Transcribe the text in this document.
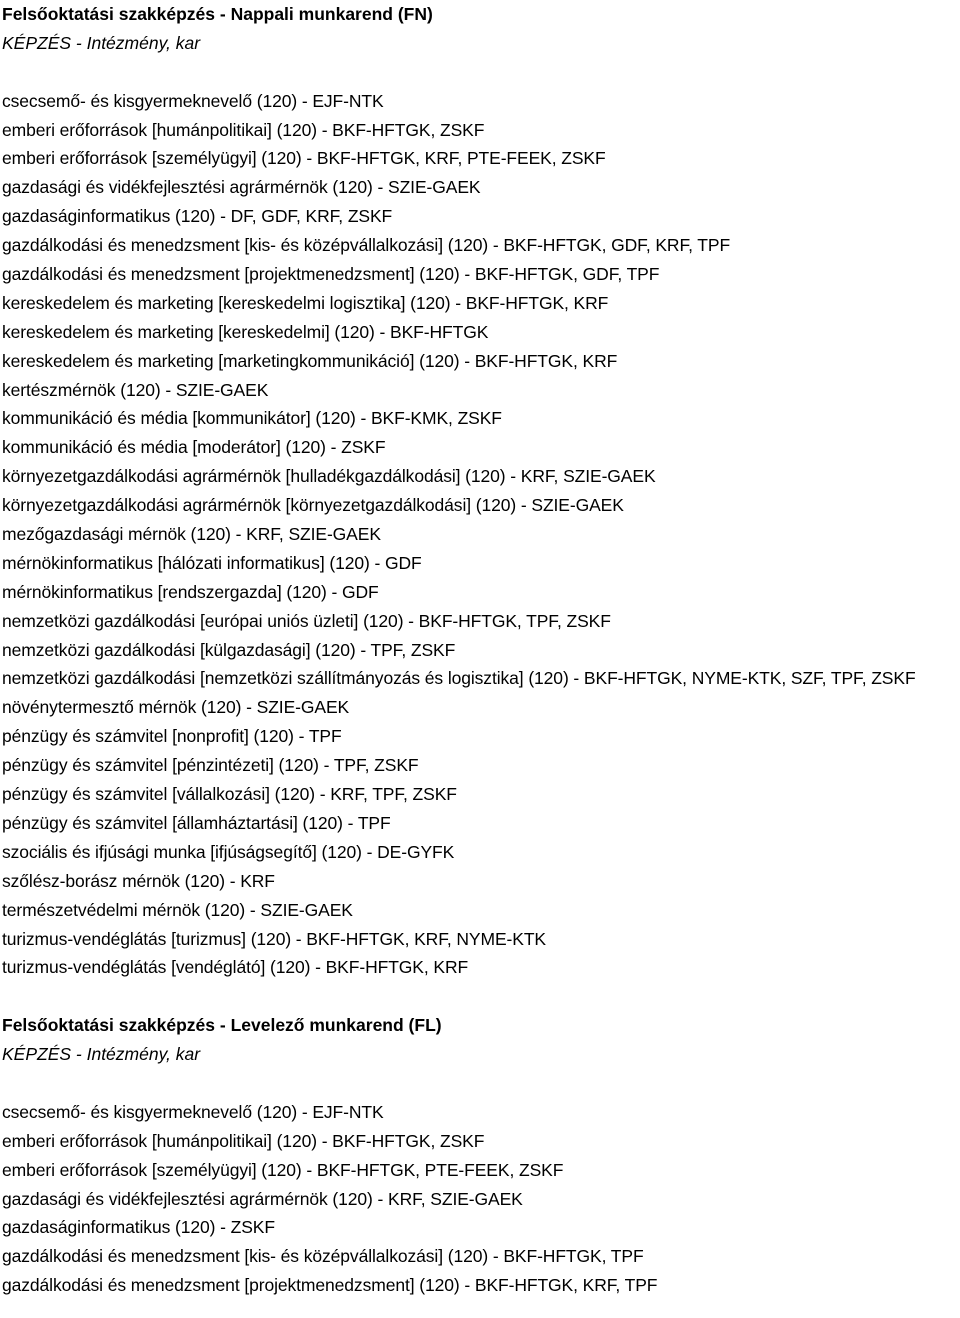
Felsőoktatási szakképzés - Nappali munkarend (FN)
KÉPZÉS - Intézmény, kar
csecsemő- és kisgyermeknevelő (120) - EJF-NTK
emberi erőforrások [humánpolitikai] (120) - BKF-HFTGK, ZSKF
emberi erőforrások [személyügyi] (120) - BKF-HFTGK, KRF, PTE-FEEK, ZSKF
gazdasági és vidékfejlesztési agrármérnök (120) - SZIE-GAEK
gazdaságinformatikus (120) - DF, GDF, KRF, ZSKF
gazdálkodási és menedzsment [kis- és középvállalkozási] (120) - BKF-HFTGK, GDF, KRF, TPF
gazdálkodási és menedzsment [projektmenedzsment] (120) - BKF-HFTGK, GDF, TPF
kereskedelem és marketing [kereskedelmi logisztika] (120) - BKF-HFTGK, KRF
kereskedelem és marketing [kereskedelmi] (120) - BKF-HFTGK
kereskedelem és marketing [marketingkommunikáció] (120) - BKF-HFTGK, KRF
kertészmérnök (120) - SZIE-GAEK
kommunikáció és média [kommunikátor] (120) - BKF-KMK, ZSKF
kommunikáció és média [moderátor] (120) - ZSKF
környezetgazdálkodási agrármérnök [hulladékgazdálkodási] (120) - KRF, SZIE-GAEK
környezetgazdálkodási agrármérnök [környezetgazdálkodási] (120) - SZIE-GAEK
mezőgazdasági mérnök (120) - KRF, SZIE-GAEK
mérnökinformatikus [hálózati informatikus] (120) - GDF
mérnökinformatikus [rendszergazda] (120) - GDF
nemzetközi gazdálkodási [európai uniós üzleti] (120) - BKF-HFTGK, TPF, ZSKF
nemzetközi gazdálkodási [külgazdasági] (120) - TPF, ZSKF
nemzetközi gazdálkodási [nemzetközi szállítmányozás és logisztika] (120) - BKF-HFTGK, NYME-KTK, SZF, TPF, ZSKF
növénytermesztő mérnök (120) - SZIE-GAEK
pénzügy és számvitel [nonprofit] (120) - TPF
pénzügy és számvitel [pénzintézeti] (120) - TPF, ZSKF
pénzügy és számvitel [vállalkozási] (120) - KRF, TPF, ZSKF
pénzügy és számvitel [államháztartási] (120) - TPF
szociális és ifjúsági munka [ifjúságsegítő] (120) - DE-GYFK
szőlész-borász mérnök (120) - KRF
természetvédelmi mérnök (120) - SZIE-GAEK
turizmus-vendéglátás [turizmus] (120) - BKF-HFTGK, KRF, NYME-KTK
turizmus-vendéglátás [vendéglátó] (120) - BKF-HFTGK, KRF
Felsőoktatási szakképzés - Levelező munkarend (FL)
KÉPZÉS - Intézmény, kar
csecsemő- és kisgyermeknevelő (120) - EJF-NTK
emberi erőforrások [humánpolitikai] (120) - BKF-HFTGK, ZSKF
emberi erőforrások [személyügyi] (120) - BKF-HFTGK, PTE-FEEK, ZSKF
gazdasági és vidékfejlesztési agrármérnök (120) - KRF, SZIE-GAEK
gazdaságinformatikus (120) - ZSKF
gazdálkodási és menedzsment [kis- és középvállalkozási] (120) - BKF-HFTGK, TPF
gazdálkodási és menedzsment [projektmenedzsment] (120) - BKF-HFTGK, KRF, TPF
